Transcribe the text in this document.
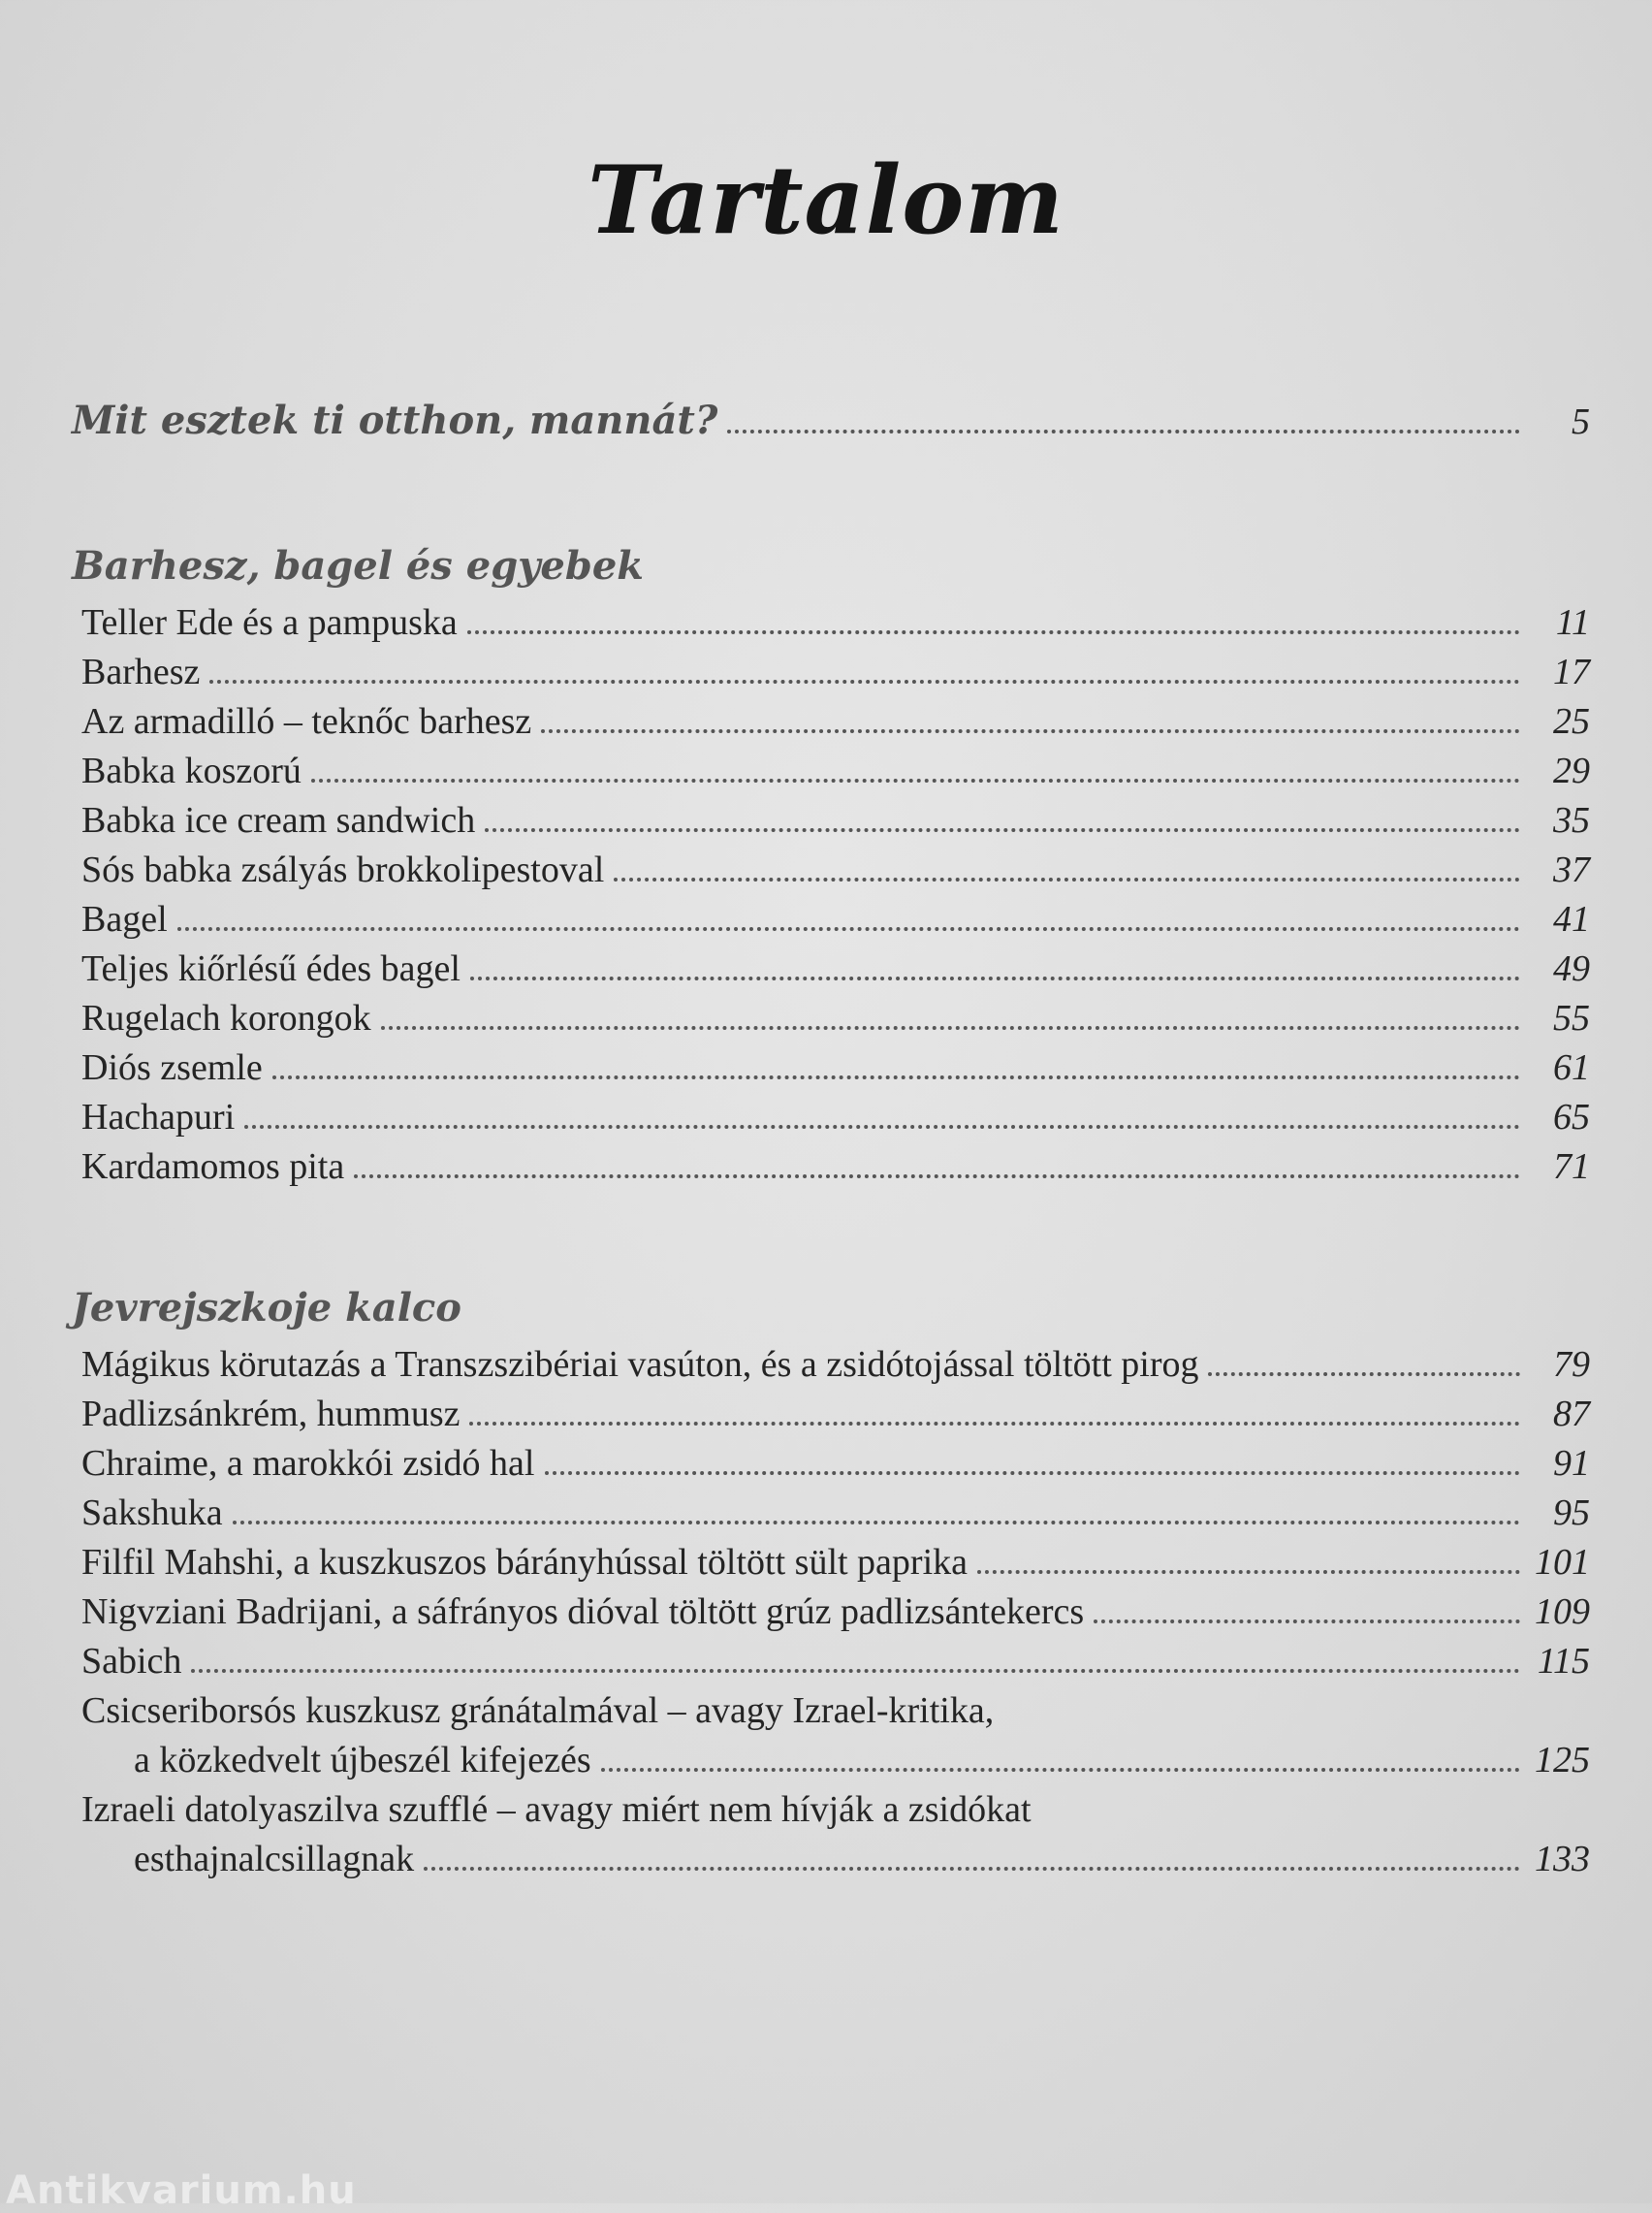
Tartalom
Mit esztek ti otthon, mannát?	5
Barhesz, bagel és egyebek
Teller Ede és a pampuska	11
Barhesz	17
Az armadilló – teknőc barhesz	25
Babka koszorú	29
Babka ice cream sandwich	35
Sós babka zsályás brokkolipestoval	37
Bagel	41
Teljes kiőrlésű édes bagel	49
Rugelach korongok	55
Diós zsemle	61
Hachapuri	65
Kardamomos pita	71
Jevrejszkoje kalco
Mágikus körutazás a Transzszibériai vasúton, és a zsidótojással töltött pirog	79
Padlizsánkrém, hummusz	87
Chraime, a marokkói zsidó hal	91
Sakshuka	95
Filfil Mahshi, a kuszkuszos bárányhússal töltött sült paprika	101
Nigvziani Badrijani, a sáfrányos dióval töltött grúz padlizsántekercs	109
Sabich	115
Csicseriborsós kuszkusz gránátalmával – avagy Izrael-kritika,
a közkedvelt újbeszél kifejezés	125
Izraeli datolyaszilva szufflé – avagy miért nem hívják a zsidókat
esthajnalcsillagnak	133
Antikvarium.hu
